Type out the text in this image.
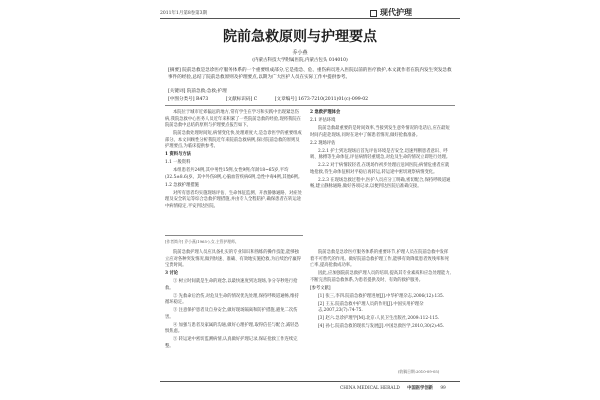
2011年1月第8卷第3期	现代护理
院前急救原则与护理要点
乔小燕
(内蒙古科技大学附属医院,内蒙古包头 014010)
[摘要] 院前急救是急诊医疗服务体系的一个重要组成部分,它是指急、危、重伤病员进入医院以前的医疗救护,本文就作者在院内发生突发急救事件的经验,总结了院前急救原则及护理要点,以期为广大医护人员在实际工作中提供参考。
[关键词] 院前急救;急救;护理
[中图分类号] R473	[文献标识码] C	[文章编号] 1673-7210(2011)01(c)-099-02

本院位于城市近郊偏远的地方,常有学生在学习和实践中出现紧急伤病,我院急救中心医务人员近年来积累了一些院前急救的经验,现将我院在院前急救中总结的原则与护理要点报告如下。

院前急救处理时间短,病情变化快,处理难度大,是急诊医学的重要组成部分。本文回顾性分析我院近年来院前急救病例,探讨院前急救的原则及护理要点,为临床提供参考。

1 资料与方法

1.1 一般资料

本组患者共24例,其中男性15例,女性9例;年龄18~65岁,平均(32.5±8.6)岁。其中外伤8例,心脑血管疾病6例,急性中毒4例,其他6例。

1.2 急救护理措施

对所有患者均实施现场评估、生命体征监测、开放静脉通路、对症处理及安全转运等综合急救护理措施,并由专人全程陪护,确保患者在转运途中病情稳定,平安到达医院。

[作者简介] 乔小燕(1965-),女,主管护理师。

2 急救护理体会

2.1 评估环境

院前急救最重要的是时间效率,当接到发生意外情况的电话后,应在最短时间内赶赴现场,同时在途中了解患者情况,做好抢救准备。

2.2 现场评估

2.2.1 护士到达现场后首先评估环境是否安全,迅速判断患者意识、呼吸、脉搏等生命体征,评估病情轻重缓急,对危及生命的情况立即进行处理。

2.2.2 对于病情较轻者,在现场作初步处理后送回医院;病情危重者应就地抢救,待生命体征相对平稳后再转运,转运途中密切观察病情变化。

2.2.3 在现场急救过程中,医护人员应分工明确,密切配合,保持呼吸道通畅,建立静脉通路,做好各项记录,以便到达医院后准确交接。

院前急救护理人员应具备扎实的专业知识和熟练的操作技能,能够独立应对各种突发情况,做到快速、准确、有效地实施抢救,为后续治疗赢得宝贵时间。

3 讨论

① 树立时间就是生命的观念,以最快速度到达现场,争分夺秒进行抢救。

② 先救命后治伤,对危及生命的情况优先处理,保持呼吸道通畅,维持循环稳定。

③ 注意保护患者及自身安全,做好现场隔离和防护措施,避免二次伤害。

④ 加强与患者及家属的沟通,做好心理护理,取得信任与配合,减轻恐惧焦虑。

⑤ 转运途中密切监测病情,认真做好护理记录,保证抢救工作连续完整。

院前急救是急诊医疗服务体系的重要环节,护理人员在院前急救中发挥着不可替代的作用。做好院前急救护理工作,能够有效降低患者致残率和死亡率,提高抢救成功率。

因此,应加强院前急救护理人员的培训,提高其专业素质和应急处理能力,不断完善院前急救体系,为患者提供及时、有效的救护服务。

[参考文献]

[1] 张三,李四.院前急救护理进展[J].中华护理杂志,2006(12):135.

[2] 王五.院前急救中护理人员的作用[J].中国实用护理杂志,2007,23(7):74-75.

[3] 赵六.急诊护理学[M].北京:人民卫生出版社,2009:112-115.

[4] 孙七.院前急救的现状与发展[J].中国急救医学,2010,30(2):45.

(收稿日期:2010-09-05)
CHINA MEDICAL HERALD 中国医学创新 99
